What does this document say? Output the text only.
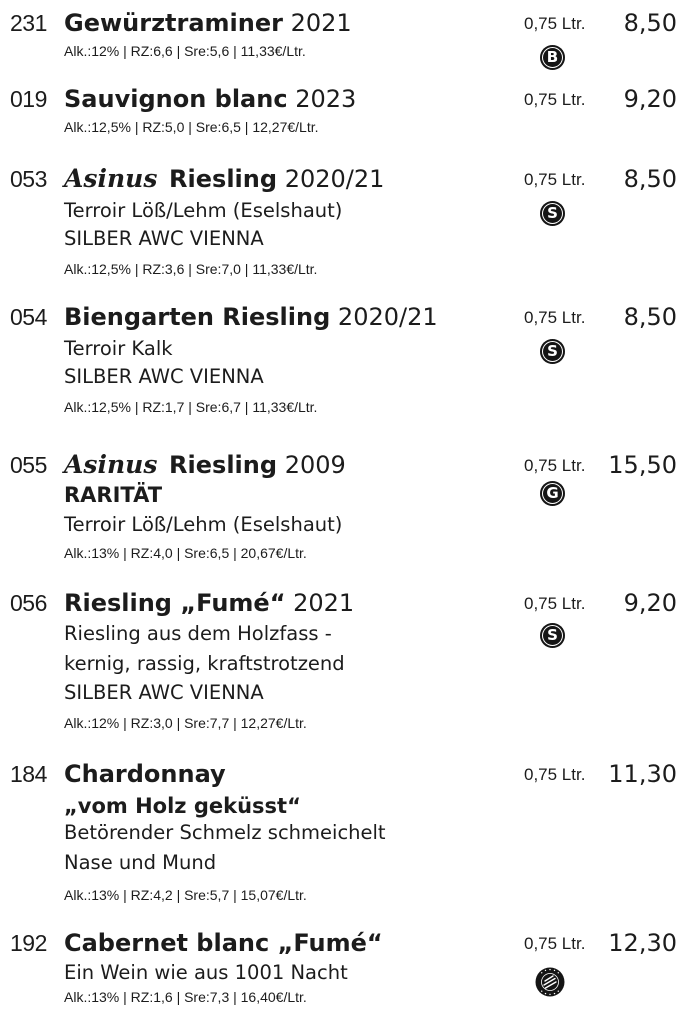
231 Gewürztraminer 2021
Alk.:12% | RZ:6,6 | Sre:5,6 | 11,33€/Ltr.
0,75 Ltr. 8,50
B
019 Sauvignon blanc 2023
Alk.:12,5% | RZ:5,0 | Sre:6,5 | 12,27€/Ltr.
0,75 Ltr. 9,20
053 Asinus Riesling 2020/21
Terroir Löß/Lehm (Eselshaut)
SILBER AWC VIENNA
Alk.:12,5% | RZ:3,6 | Sre:7,0 | 11,33€/Ltr.
0,75 Ltr. 8,50
S
054 Biengarten Riesling 2020/21
Terroir Kalk
SILBER AWC VIENNA
Alk.:12,5% | RZ:1,7 | Sre:6,7 | 11,33€/Ltr.
0,75 Ltr. 8,50
S
055 Asinus Riesling 2009
RARITÄT
Terroir Löß/Lehm (Eselshaut)
Alk.:13% | RZ:4,0 | Sre:6,5 | 20,67€/Ltr.
0,75 Ltr. 15,50
G
056 Riesling „Fumé“ 2021
Riesling aus dem Holzfass -
kernig, rassig, kraftstrotzend
SILBER AWC VIENNA
Alk.:12% | RZ:3,0 | Sre:7,7 | 12,27€/Ltr.
0,75 Ltr. 9,20
S
184 Chardonnay
„vom Holz geküsst“
Betörender Schmelz schmeichelt
Nase und Mund
Alk.:13% | RZ:4,2 | Sre:5,7 | 15,07€/Ltr.
0,75 Ltr. 11,30
192 Cabernet blanc „Fumé“
Ein Wein wie aus 1001 Nacht
Alk.:13% | RZ:1,6 | Sre:7,3 | 16,40€/Ltr.
0,75 Ltr. 12,30
